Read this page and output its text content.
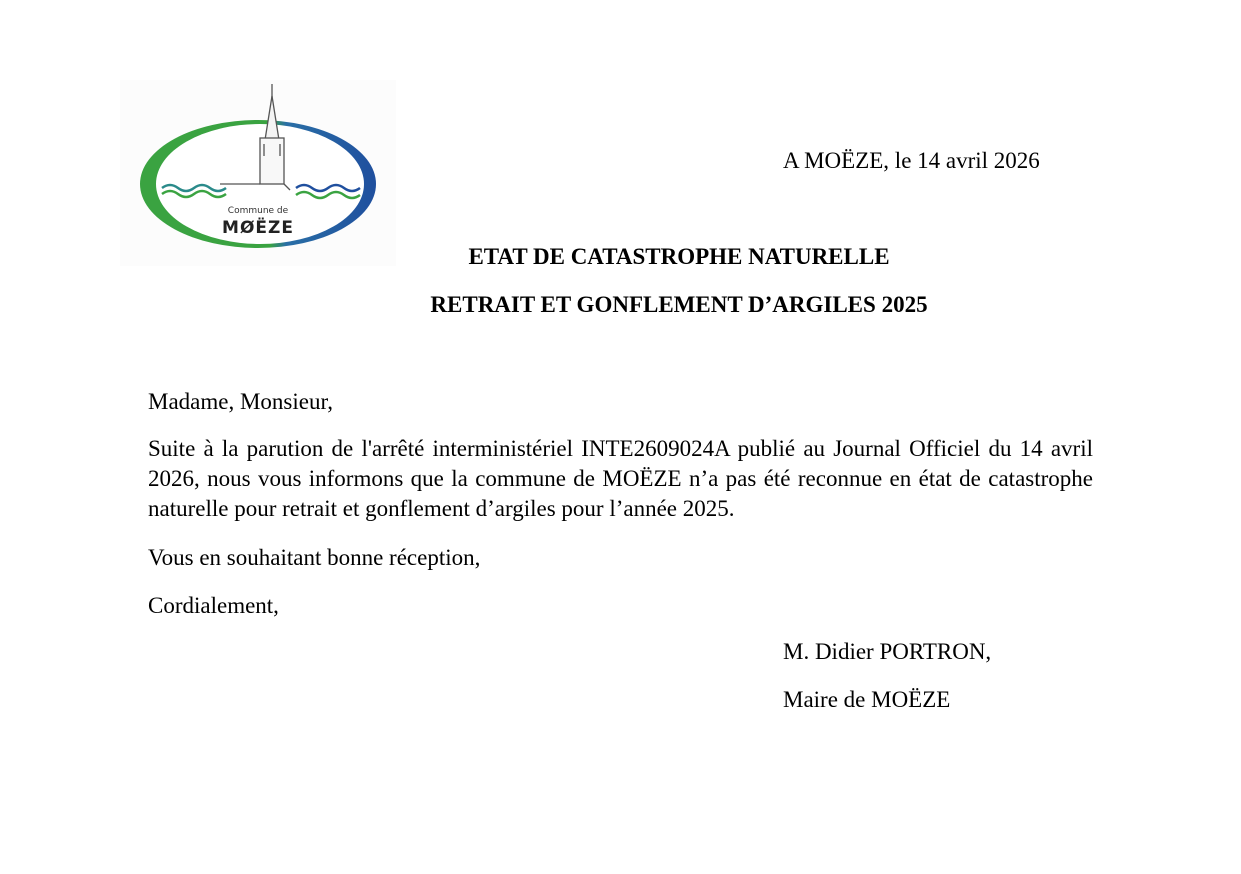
Commune de
MØËZE
A MOËZE, le 14 avril 2026
ETAT DE CATASTROPHE NATURELLE
RETRAIT ET GONFLEMENT D’ARGILES 2025
Madame, Monsieur,
Suite à la parution de l'arrêté interministériel INTE2609024A publié au Journal Officiel du 14 avril 2026, nous vous informons que la commune de MOËZE n’a pas été reconnue en état de catastrophe naturelle pour retrait et gonflement d’argiles pour l’année 2025.
Vous en souhaitant bonne réception,
Cordialement,
M. Didier PORTRON,
Maire de MOËZE
